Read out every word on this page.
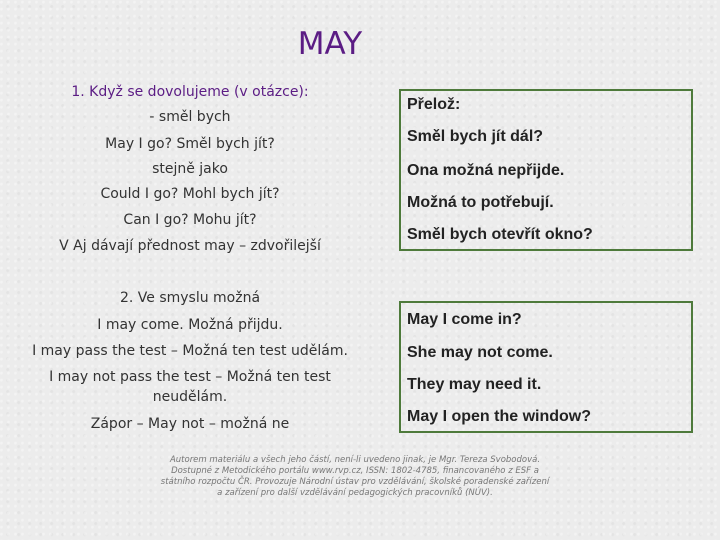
MAY
1. Když se dovolujeme (v otázce):
- směl bych
May I go? Směl bych jít?
stejně jako
Could I go? Mohl bych jít?
Can I go? Mohu jít?
V Aj dávají přednost may – zdvořilejší
2. Ve smyslu možná
I may come. Možná přijdu.
I may pass the test – Možná ten test udělám.
I may not pass the test – Možná ten test
neudělám.
Zápor – May not – možná ne
Přelož:
Směl bych jít dál?
Ona možná nepřijde.
Možná to potřebují.
Směl bych otevřít okno?
May I come in?
She may not come.
They may need it.
May I open the window?
Autorem materiálu a všech jeho částí, není-li uvedeno jinak, je Mgr. Tereza Svobodová.
Dostupné z Metodického portálu www.rvp.cz, ISSN: 1802-4785, financovaného z ESF a
státního rozpočtu ČR. Provozuje Národní ústav pro vzdělávání, školské poradenské zařízení
a zařízení pro další vzdělávání pedagogických pracovníků (NÚV).
